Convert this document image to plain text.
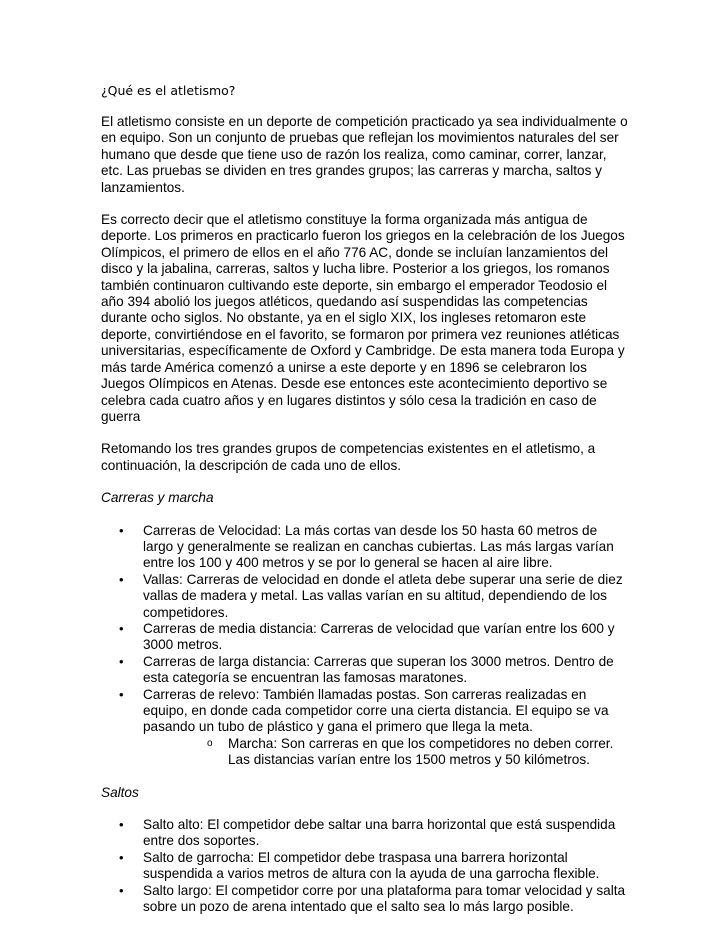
¿Qué es el atletismo?

El atletismo consiste en un deporte de competición practicado ya sea individualmente o en equipo. Son un conjunto de pruebas que reflejan los movimientos naturales del ser humano que desde que tiene uso de razón los realiza, como caminar, correr, lanzar, etc. Las pruebas se dividen en tres grandes grupos; las carreras y marcha, saltos y lanzamientos.

Es correcto decir que el atletismo constituye la forma organizada más antigua de deporte. Los primeros en practicarlo fueron los griegos en la celebración de los Juegos Olímpicos, el primero de ellos en el año 776 AC, donde se incluían lanzamientos del disco y la jabalina, carreras, saltos y lucha libre. Posterior a los griegos, los romanos también continuaron cultivando este deporte, sin embargo el emperador Teodosio el año 394 abolió los juegos atléticos, quedando así suspendidas las competencias durante ocho siglos. No obstante, ya en el siglo XIX, los ingleses retomaron este deporte, convirtiéndose en el favorito, se formaron por primera vez reuniones atléticas universitarias, específicamente de Oxford y Cambridge. De esta manera toda Europa y más tarde América comenzó a unirse a este deporte y en 1896 se celebraron los Juegos Olímpicos en Atenas. Desde ese entonces este acontecimiento deportivo se celebra cada cuatro años y en lugares distintos y sólo cesa la tradición en caso de guerra

Retomando los tres grandes grupos de competencias existentes en el atletismo, a continuación, la descripción de cada uno de ellos.

Carreras y marcha
•	Carreras de Velocidad: La más cortas van desde los 50 hasta 60 metros de largo y generalmente se realizan en canchas cubiertas. Las más largas varían entre los 100 y 400 metros y se por lo general se hacen al aire libre.
•	Vallas: Carreras de velocidad en donde el atleta debe superar una serie de diez vallas de madera y metal. Las vallas varían en su altitud, dependiendo de los competidores.
•	Carreras de media distancia: Carreras de velocidad que varían entre los 600 y 3000 metros.
•	Carreras de larga distancia: Carreras que superan los 3000 metros. Dentro de esta categoría se encuentran las famosas maratones.
•	Carreras de relevo: También llamadas postas. Son carreras realizadas en equipo, en donde cada competidor corre una cierta distancia. El equipo se va pasando un tubo de plástico y gana el primero que llega la meta.
o Marcha: Son carreras en que los competidores no deben correr. Las distancias varían entre los 1500 metros y 50 kilómetros.
Saltos
•	Salto alto: El competidor debe saltar una barra horizontal que está suspendida entre dos soportes.
•	Salto de garrocha: El competidor debe traspasa una barrera horizontal suspendida a varios metros de altura con la ayuda de una garrocha flexible.
•	Salto largo: El competidor corre por una plataforma para tomar velocidad y salta sobre un pozo de arena intentado que el salto sea lo más largo posible.
